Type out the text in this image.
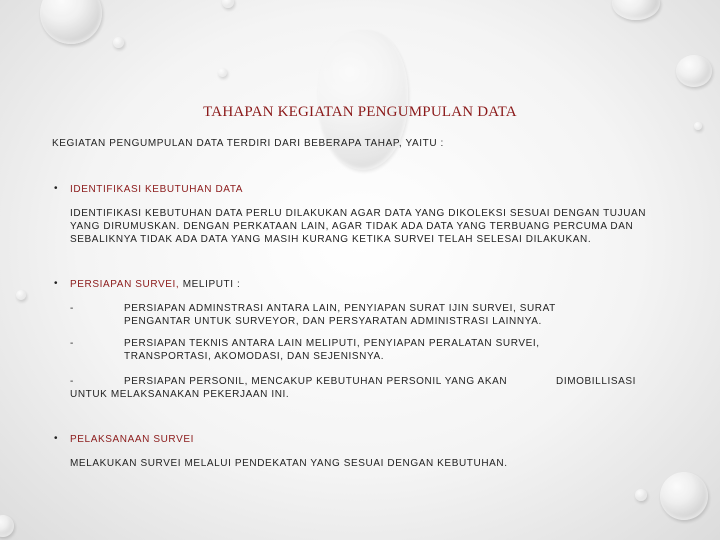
TAHAPAN KEGIATAN PENGUMPULAN DATA
KEGIATAN PENGUMPULAN DATA TERDIRI DARI BEBERAPA TAHAP, YAITU :
• IDENTIFIKASI KEBUTUHAN DATA
IDENTIFIKASI KEBUTUHAN DATA PERLU DILAKUKAN AGAR DATA YANG DIKOLEKSI SESUAI DENGAN TUJUAN
YANG DIRUMUSKAN. DENGAN PERKATAAN LAIN, AGAR TIDAK ADA DATA YANG TERBUANG PERCUMA DAN
SEBALIKNYA TIDAK ADA DATA YANG MASIH KURANG KETIKA SURVEI TELAH SELESAI DILAKUKAN.
• PERSIAPAN SURVEI, MELIPUTI :
-	PERSIAPAN ADMINSTRASI ANTARA LAIN, PENYIAPAN SURAT IJIN SURVEI, SURAT
PENGANTAR UNTUK SURVEYOR, DAN PERSYARATAN ADMINISTRASI LAINNYA.
-	PERSIAPAN TEKNIS ANTARA LAIN MELIPUTI, PENYIAPAN PERALATAN SURVEI,
TRANSPORTASI, AKOMODASI, DAN SEJENISNYA.
-	PERSIAPAN PERSONIL, MENCAKUP KEBUTUHAN PERSONIL YANG AKAN	DIMOBILLISASI
UNTUK MELAKSANAKAN PEKERJAAN INI.
• PELAKSANAAN SURVEI
MELAKUKAN SURVEI MELALUI PENDEKATAN YANG SESUAI DENGAN KEBUTUHAN.
